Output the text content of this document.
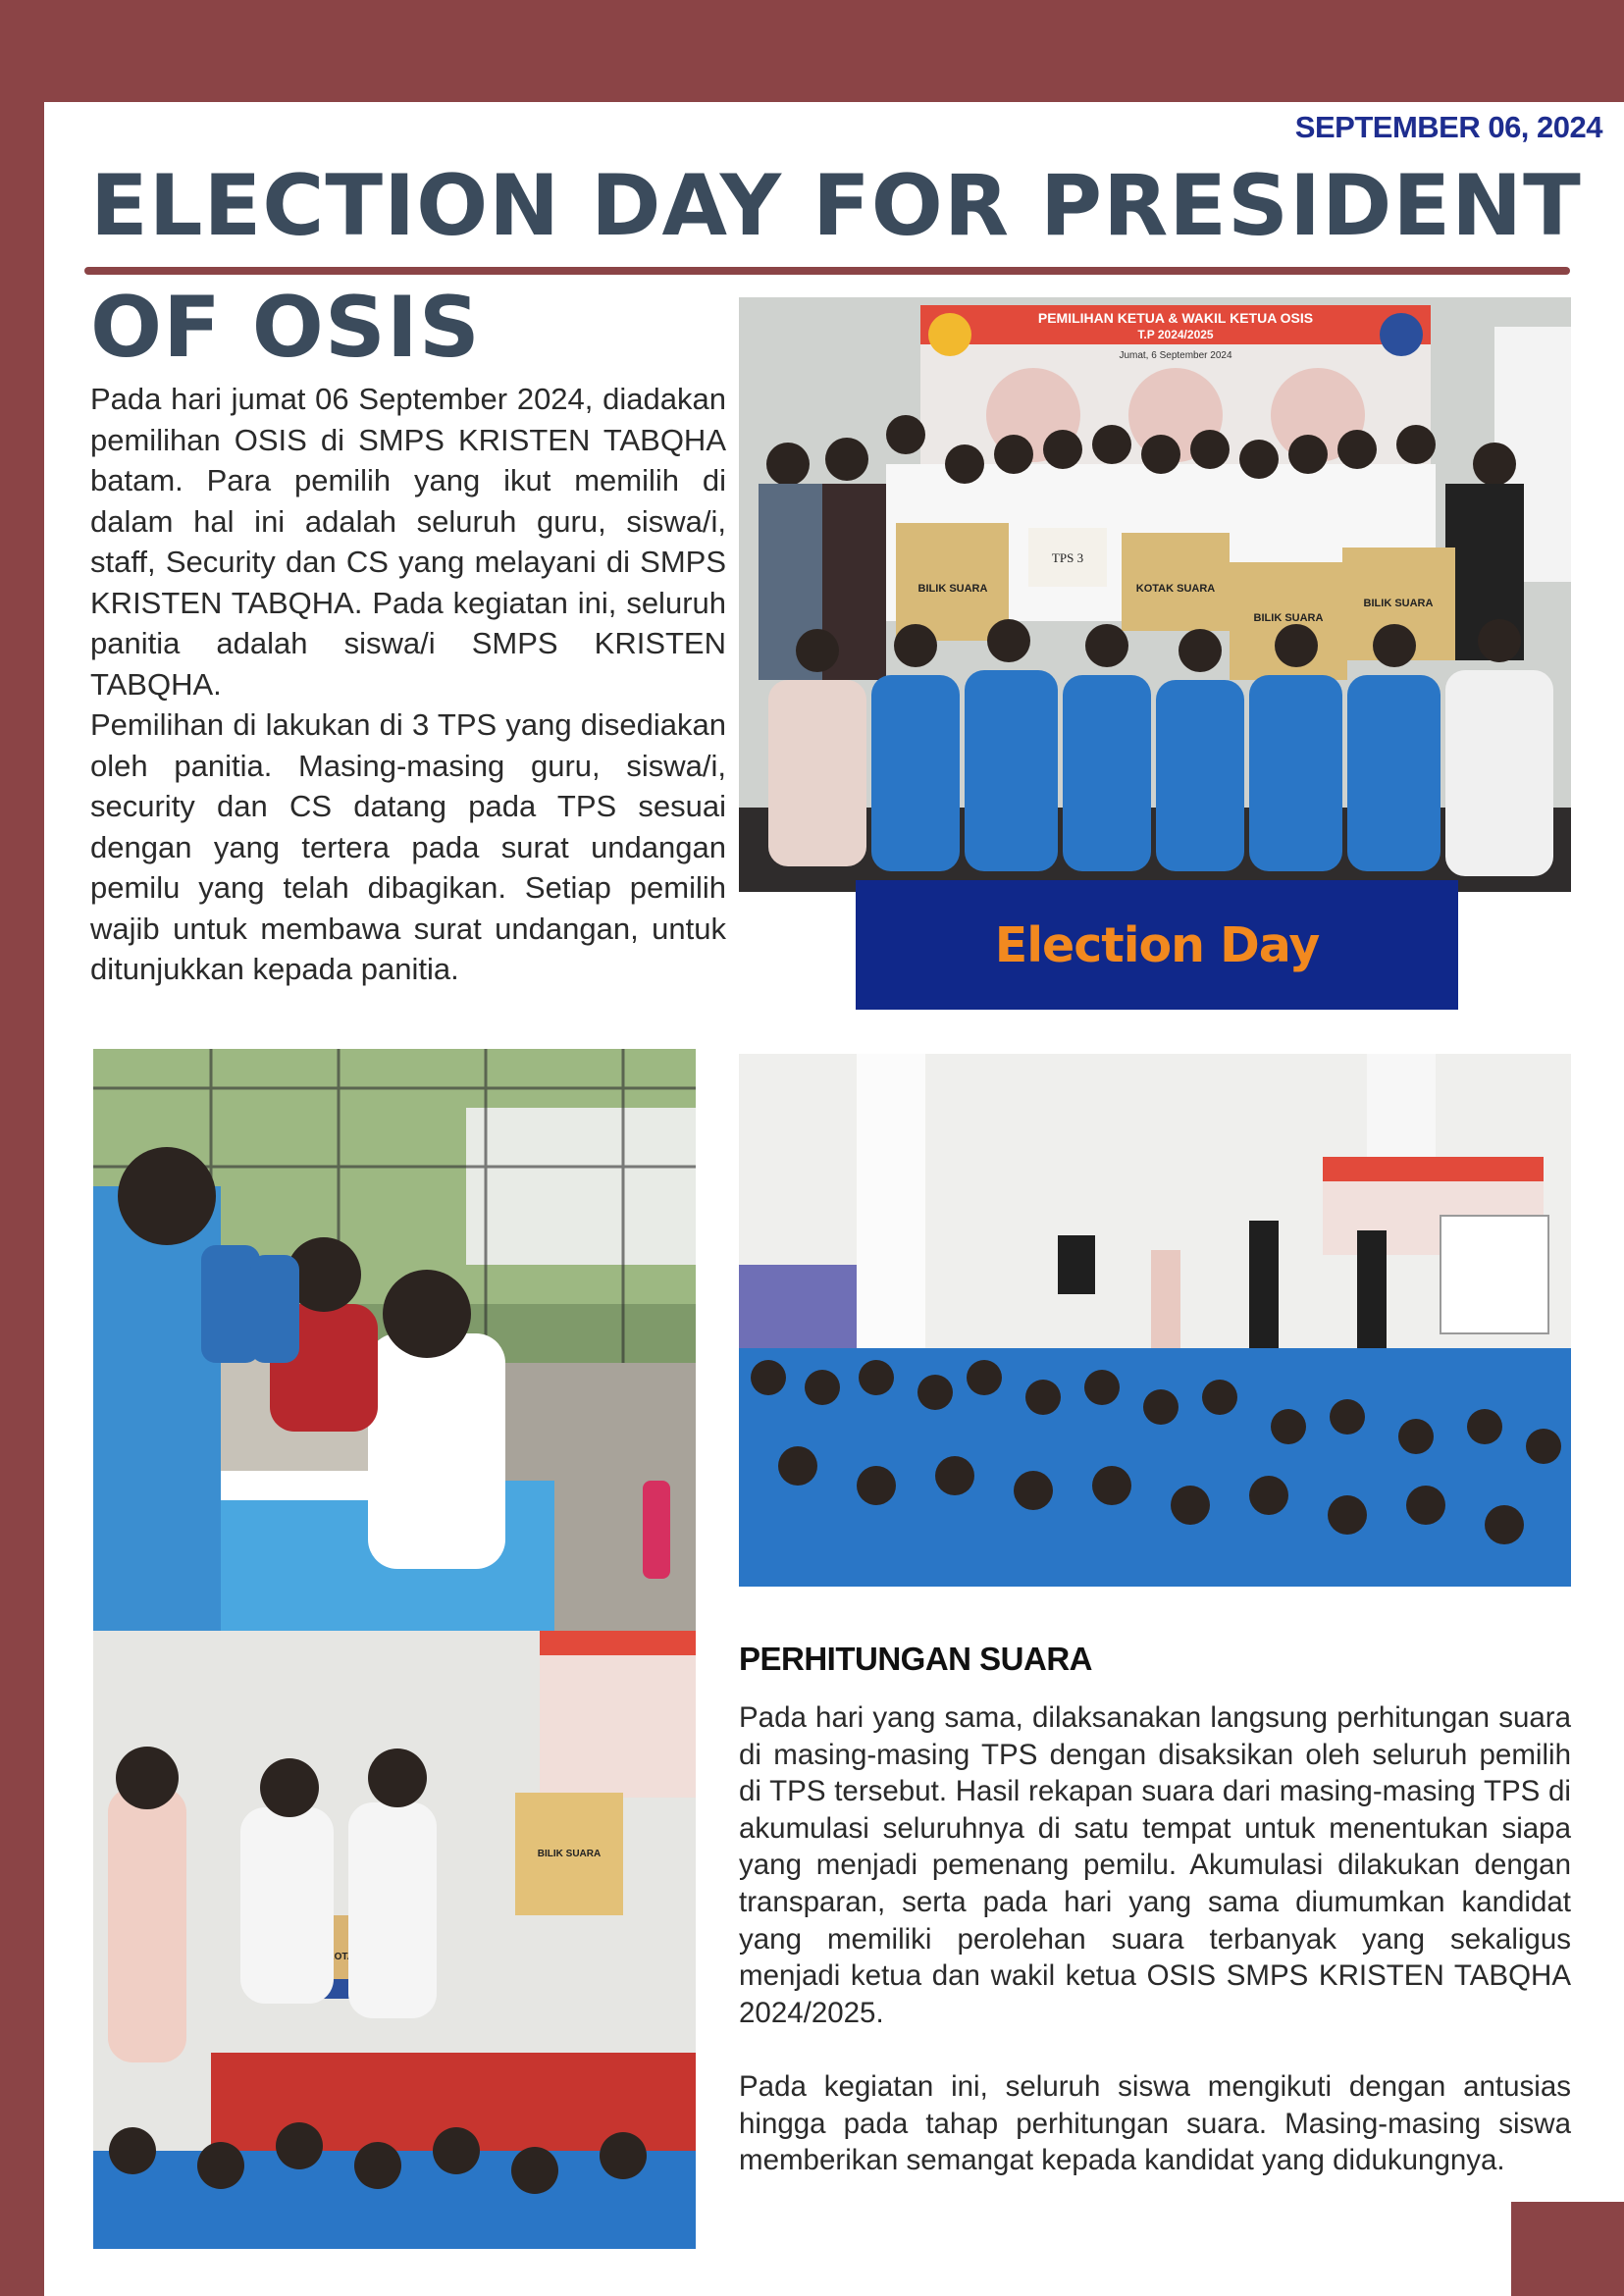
SEPTEMBER 06, 2024
ELECTION DAY FOR PRESIDENT
OF OSIS

Pada hari jumat 06 September 2024, diadakan pemilihan OSIS di SMPS KRISTEN TABQHA batam. Para pemilih yang ikut memilih di dalam hal ini adalah seluruh guru, siswa/i, staff, Security dan CS yang melayani di SMPS KRISTEN TABQHA. Pada kegiatan ini, seluruh panitia adalah siswa/i SMPS KRISTEN TABQHA.

Pemilihan di lakukan di 3 TPS yang disediakan oleh panitia. Masing-masing guru, siswa/i, security dan CS datang pada TPS sesuai dengan yang tertera pada surat undangan pemilu yang telah dibagikan. Setiap pemilih wajib untuk membawa surat undangan, untuk ditunjukkan kepada panitia.

PEMILIHAN KETUA & WAKIL KETUA OSIS
T.P 2024/2025
Jumat, 6 September 2024
BILIK SUARA
TPS 3
KOTAK SUARA
BILIK SUARA
BILIK SUARA
Election Day
BILIK SUARA
KOTAK
PERHITUNGAN SUARA

Pada hari yang sama, dilaksanakan langsung perhitungan suara di masing-masing TPS dengan disaksikan oleh seluruh pemilih di TPS tersebut. Hasil rekapan suara dari masing-masing TPS di akumulasi seluruhnya di satu tempat untuk menentukan siapa yang menjadi pemenang pemilu. Akumulasi dilakukan dengan transparan, serta pada hari yang sama diumumkan kandidat yang memiliki perolehan suara terbanyak yang sekaligus menjadi ketua dan wakil ketua OSIS SMPS KRISTEN TABQHA 2024/2025.

Pada kegiatan ini, seluruh siswa mengikuti dengan antusias hingga pada tahap perhitungan suara. Masing-masing siswa memberikan semangat kepada kandidat yang didukungnya.
